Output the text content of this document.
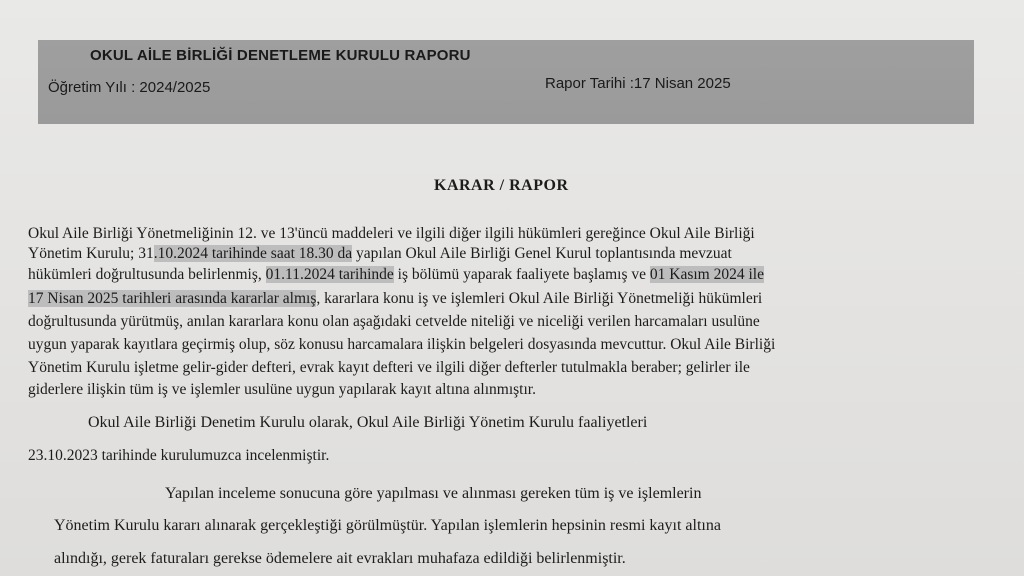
OKUL AİLE BİRLİĞİ DENETLEME KURULU RAPORU
Öğretim Yılı : 2024/2025	Rapor Tarihi :17 Nisan 2025
KARAR / RAPOR
Okul Aile Birliği Yönetmeliğinin 12. ve 13'üncü maddeleri ve ilgili diğer ilgili hükümleri gereğince Okul Aile Birliği
Yönetim Kurulu; 31.10.2024 tarihinde saat 18.30 da yapılan Okul Aile Birliği Genel Kurul toplantısında mevzuat
hükümleri doğrultusunda belirlenmiş, 01.11.2024 tarihinde iş bölümü yaparak faaliyete başlamış ve 01 Kasım 2024 ile
17 Nisan 2025 tarihleri arasında kararlar almış, kararlara konu iş ve işlemleri Okul Aile Birliği Yönetmeliği hükümleri
doğrultusunda yürütmüş, anılan kararlara konu olan aşağıdaki cetvelde niteliği ve niceliği verilen harcamaları usulüne
uygun yaparak kayıtlara geçirmiş olup, söz konusu harcamalara ilişkin belgeleri dosyasında mevcuttur. Okul Aile Birliği
Yönetim Kurulu işletme gelir-gider defteri, evrak kayıt defteri ve ilgili diğer defterler tutulmakla beraber; gelirler ile
giderlere ilişkin tüm iş ve işlemler usulüne uygun yapılarak kayıt altına alınmıştır.
Okul Aile Birliği Denetim Kurulu olarak, Okul Aile Birliği Yönetim Kurulu faaliyetleri
23.10.2023 tarihinde kurulumuzca incelenmiştir.
Yapılan inceleme sonucuna göre yapılması ve alınması gereken tüm iş ve işlemlerin
Yönetim Kurulu kararı alınarak gerçekleştiği görülmüştür. Yapılan işlemlerin hepsinin resmi kayıt altına
alındığı, gerek faturaları gerekse ödemelere ait evrakları muhafaza edildiği belirlenmiştir.
